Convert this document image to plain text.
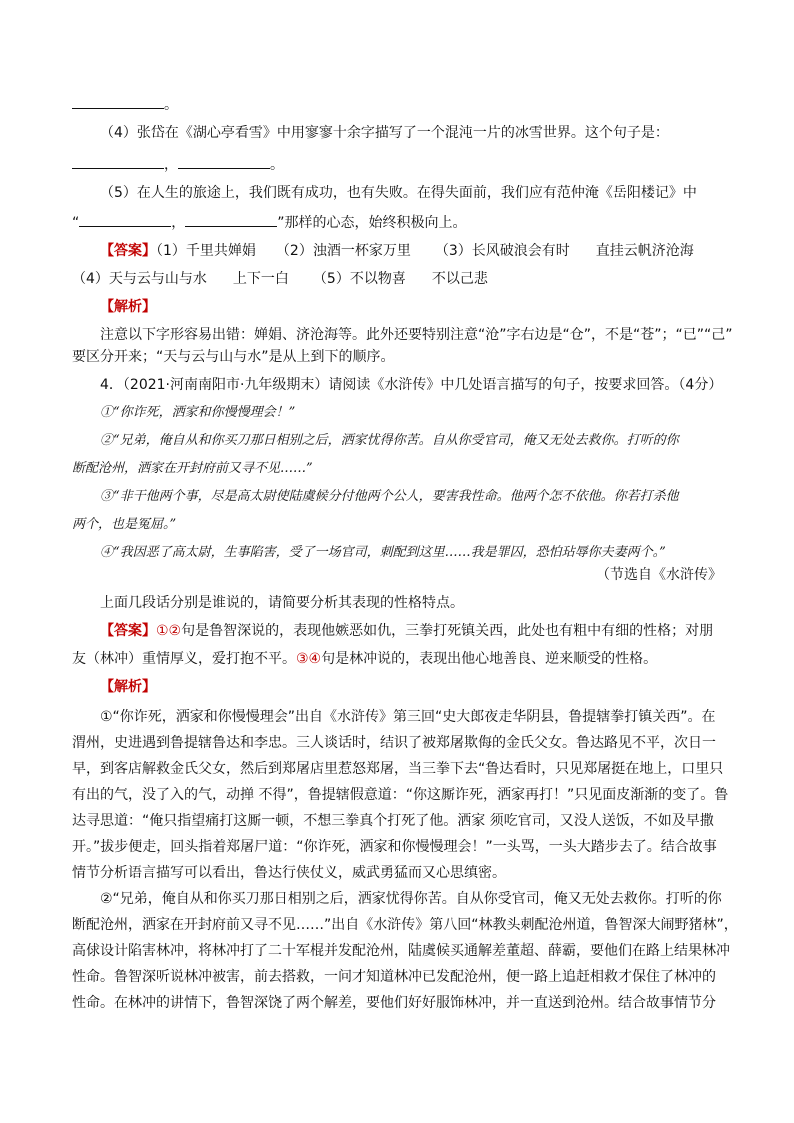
。
（4）张岱在《湖心亭看雪》中用寥寥十余字描写了一个混沌一片的冰雪世界。这个句子是：
，	。
（5）在人生的旅途上，我们既有成功，也有失败。在得失面前，我们应有范仲淹《岳阳楼记》中
“	，	”那样的心态，始终积极向上。
【答案】（1）千里共婵娟 （2）浊酒一杯家万里 （3）长风破浪会有时 直挂云帆济沧海
（4）天与云与山与水 上下一白 （5）不以物喜 不以己悲
【解析】
注意以下字形容易出错：婵娟、济沧海等。此外还要特别注意“沧”字右边是“仓”，不是“苍”；“已”“己”
要区分开来；“天与云与山与水”是从上到下的顺序。
4．（2021·河南南阳市·九年级期末）请阅读《水浒传》中几处语言描写的句子，按要求回答。（4分）
①“你诈死，洒家和你慢慢理会！”
②“兄弟，俺自从和你买刀那日相别之后，洒家忧得你苦。自从你受官司，俺又无处去救你。打听的你
断配沧州，洒家在开封府前又寻不见……”
③“非干他两个事，尽是高太尉使陆虞候分付他两个公人，要害我性命。他两个怎不依他。你若打杀他
两个，也是冤屈。”
④“我因恶了高太尉，生事陷害，受了一场官司，刺配到这里……我是罪囚，恐怕玷辱你夫妻两个。”
（节选自《水浒传》
上面几段话分别是谁说的，请简要分析其表现的性格特点。
【答案】①②句是鲁智深说的，表现他嫉恶如仇，三拳打死镇关西，此处也有粗中有细的性格；对朋
友（林冲）重情厚义，爱打抱不平。③④句是林冲说的，表现出他心地善良、逆来顺受的性格。
【解析】
①“你诈死，洒家和你慢慢理会”出自《水浒传》第三回“史大郎夜走华阴县，鲁提辖拳打镇关西”。在
渭州，史进遇到鲁提辖鲁达和李忠。三人谈话时，结识了被郑屠欺侮的金氏父女。鲁达路见不平，次日一
早，到客店解救金氏父女，然后到郑屠店里惹怒郑屠，当三拳下去“鲁达看时，只见郑屠挺在地上，口里只
有出的气，没了入的气，动掸 不得”，鲁提辖假意道：“你这厮诈死，洒家再打！”只见面皮渐渐的变了。鲁
达寻思道：“俺只指望痛打这厮一顿，不想三拳真个打死了他。洒家 须吃官司，又没人送饭，不如及早撒
开。”拔步便走，回头指着郑屠尸道：“你诈死，洒家和你慢慢理会！”一头骂，一头大踏步去了。结合故事
情节分析语言描写可以看出，鲁达行侠仗义，威武勇猛而又心思缜密。
②“兄弟，俺自从和你买刀那日相别之后，洒家忧得你苦。自从你受官司，俺又无处去救你。打听的你
断配沧州，洒家在开封府前又寻不见……”出自《水浒传》第八回“林教头刺配沧州道，鲁智深大闹野猪林”，
高俅设计陷害林冲，将林冲打了二十军棍并发配沧州，陆虞候买通解差董超、薛霸，要他们在路上结果林冲
性命。鲁智深听说林冲被害，前去搭救，一问才知道林冲已发配沧州，便一路上追赶相救才保住了林冲的
性命。在林冲的讲情下，鲁智深饶了两个解差，要他们好好服饰林冲，并一直送到沧州。结合故事情节分
